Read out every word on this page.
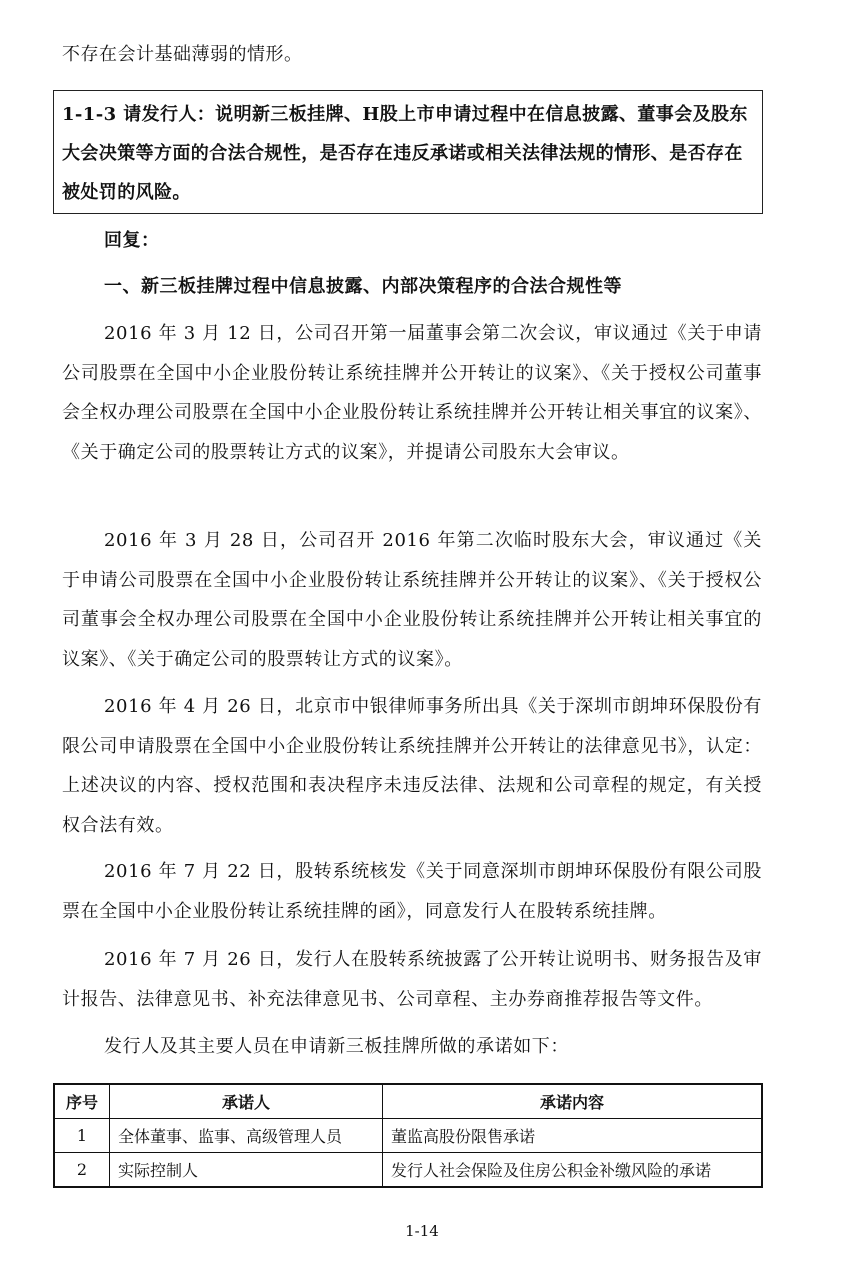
不存在会计基础薄弱的情形。
1-1-3 请发行人：说明新三板挂牌、H股上市申请过程中在信息披露、董事会及股东大会决策等方面的合法合规性，是否存在违反承诺或相关法律法规的情形、是否存在被处罚的风险。
回复：
一、新三板挂牌过程中信息披露、内部决策程序的合法合规性等
2016 年 3 月 12 日，公司召开第一届董事会第二次会议，审议通过《关于申请公司股票在全国中小企业股份转让系统挂牌并公开转让的议案》、《关于授权公司董事会全权办理公司股票在全国中小企业股份转让系统挂牌并公开转让相关事宜的议案》、《关于确定公司的股票转让方式的议案》，并提请公司股东大会审议。
2016 年 3 月 28 日，公司召开 2016 年第二次临时股东大会，审议通过《关于申请公司股票在全国中小企业股份转让系统挂牌并公开转让的议案》、《关于授权公司董事会全权办理公司股票在全国中小企业股份转让系统挂牌并公开转让相关事宜的议案》、《关于确定公司的股票转让方式的议案》。
2016 年 4 月 26 日，北京市中银律师事务所出具《关于深圳市朗坤环保股份有限公司申请股票在全国中小企业股份转让系统挂牌并公开转让的法律意见书》，认定：上述决议的内容、授权范围和表决程序未违反法律、法规和公司章程的规定，有关授权合法有效。
2016 年 7 月 22 日，股转系统核发《关于同意深圳市朗坤环保股份有限公司股票在全国中小企业股份转让系统挂牌的函》，同意发行人在股转系统挂牌。
2016 年 7 月 26 日，发行人在股转系统披露了公开转让说明书、财务报告及审计报告、法律意见书、补充法律意见书、公司章程、主办券商推荐报告等文件。
发行人及其主要人员在申请新三板挂牌所做的承诺如下：
序号	承诺人	承诺内容
1	全体董事、监事、高级管理人员	董监高股份限售承诺
2	实际控制人	发行人社会保险及住房公积金补缴风险的承诺
1-14
